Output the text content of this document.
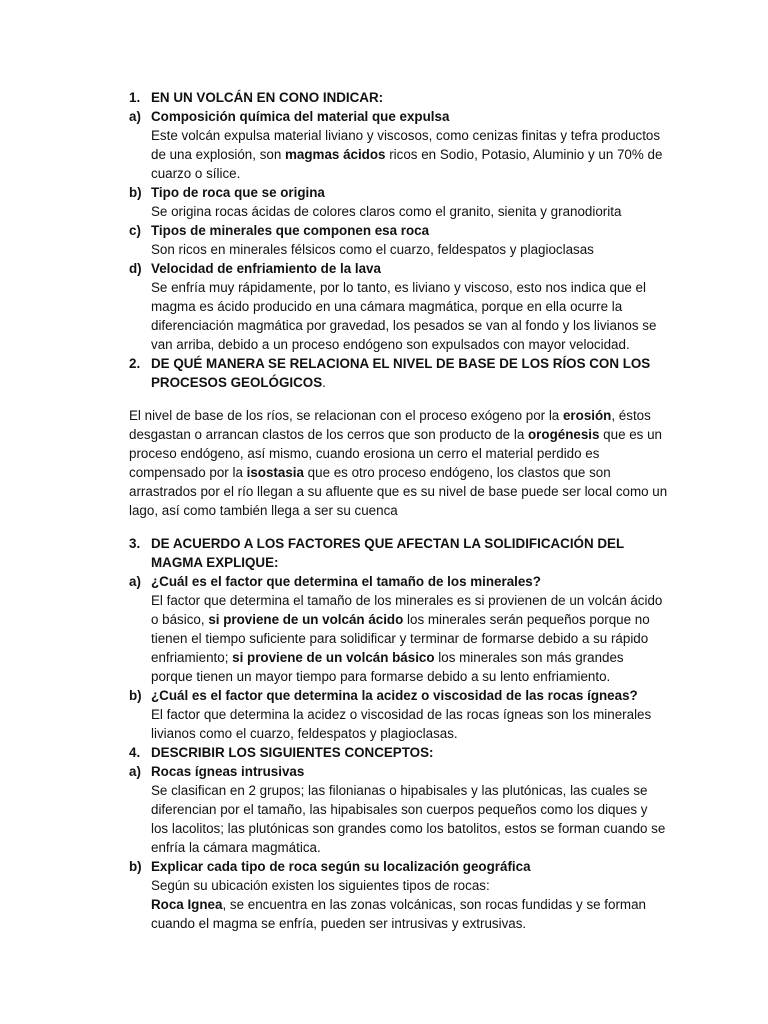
1. EN UN VOLCÁN EN CONO INDICAR:
a) Composición química del material que expulsa
Este volcán expulsa material liviano y viscosos, como cenizas finitas y tefra productos de una explosión, son magmas ácidos ricos en Sodio, Potasio, Aluminio y un 70% de cuarzo o sílice.
b) Tipo de roca que se origina
Se origina rocas ácidas de colores claros como el granito, sienita y granodiorita
c) Tipos de minerales que componen esa roca
Son ricos en minerales félsicos como el cuarzo, feldespatos y plagioclasas
d) Velocidad de enfriamiento de la lava
Se enfría muy rápidamente, por lo tanto, es liviano y viscoso, esto nos indica que el magma es ácido producido en una cámara magmática, porque en ella ocurre la diferenciación magmática por gravedad, los pesados se van al fondo y los livianos se van arriba, debido a un proceso endógeno son expulsados con mayor velocidad.
2. DE QUÉ MANERA SE RELACIONA EL NIVEL DE BASE DE LOS RÍOS CON LOS PROCESOS GEOLÓGICOS.
El nivel de base de los ríos, se relacionan con el proceso exógeno por la erosión, éstos desgastan o arrancan clastos de los cerros que son producto de la orogénesis que es un proceso endógeno, así mismo, cuando erosiona un cerro el material perdido es compensado por la isostasia que es otro proceso endógeno, los clastos que son arrastrados por el río llegan a su afluente que es su nivel de base puede ser local como un lago, así como también llega a ser su cuenca
3. DE ACUERDO A LOS FACTORES QUE AFECTAN LA SOLIDIFICACIÓN DEL MAGMA EXPLIQUE:
a) ¿Cuál es el factor que determina el tamaño de los minerales?
El factor que determina el tamaño de los minerales es si provienen de un volcán ácido o básico, si proviene de un volcán ácido los minerales serán pequeños porque no tienen el tiempo suficiente para solidificar y terminar de formarse debido a su rápido enfriamiento; si proviene de un volcán básico los minerales son más grandes porque tienen un mayor tiempo para formarse debido a su lento enfriamiento.
b) ¿Cuál es el factor que determina la acidez o viscosidad de las rocas ígneas?
El factor que determina la acidez o viscosidad de las rocas ígneas son los minerales livianos como el cuarzo, feldespatos y plagioclasas.
4. DESCRIBIR LOS SIGUIENTES CONCEPTOS:
a) Rocas ígneas intrusivas
Se clasifican en 2 grupos; las filonianas o hipabisales y las plutónicas, las cuales se diferencian por el tamaño, las hipabisales son cuerpos pequeños como los diques y los lacolitos; las plutónicas son grandes como los batolitos, estos se forman cuando se enfría la cámara magmática.
b) Explicar cada tipo de roca según su localización geográfica
Según su ubicación existen los siguientes tipos de rocas:
Roca Ignea, se encuentra en las zonas volcánicas, son rocas fundidas y se forman cuando el magma se enfría, pueden ser intrusivas y extrusivas.
